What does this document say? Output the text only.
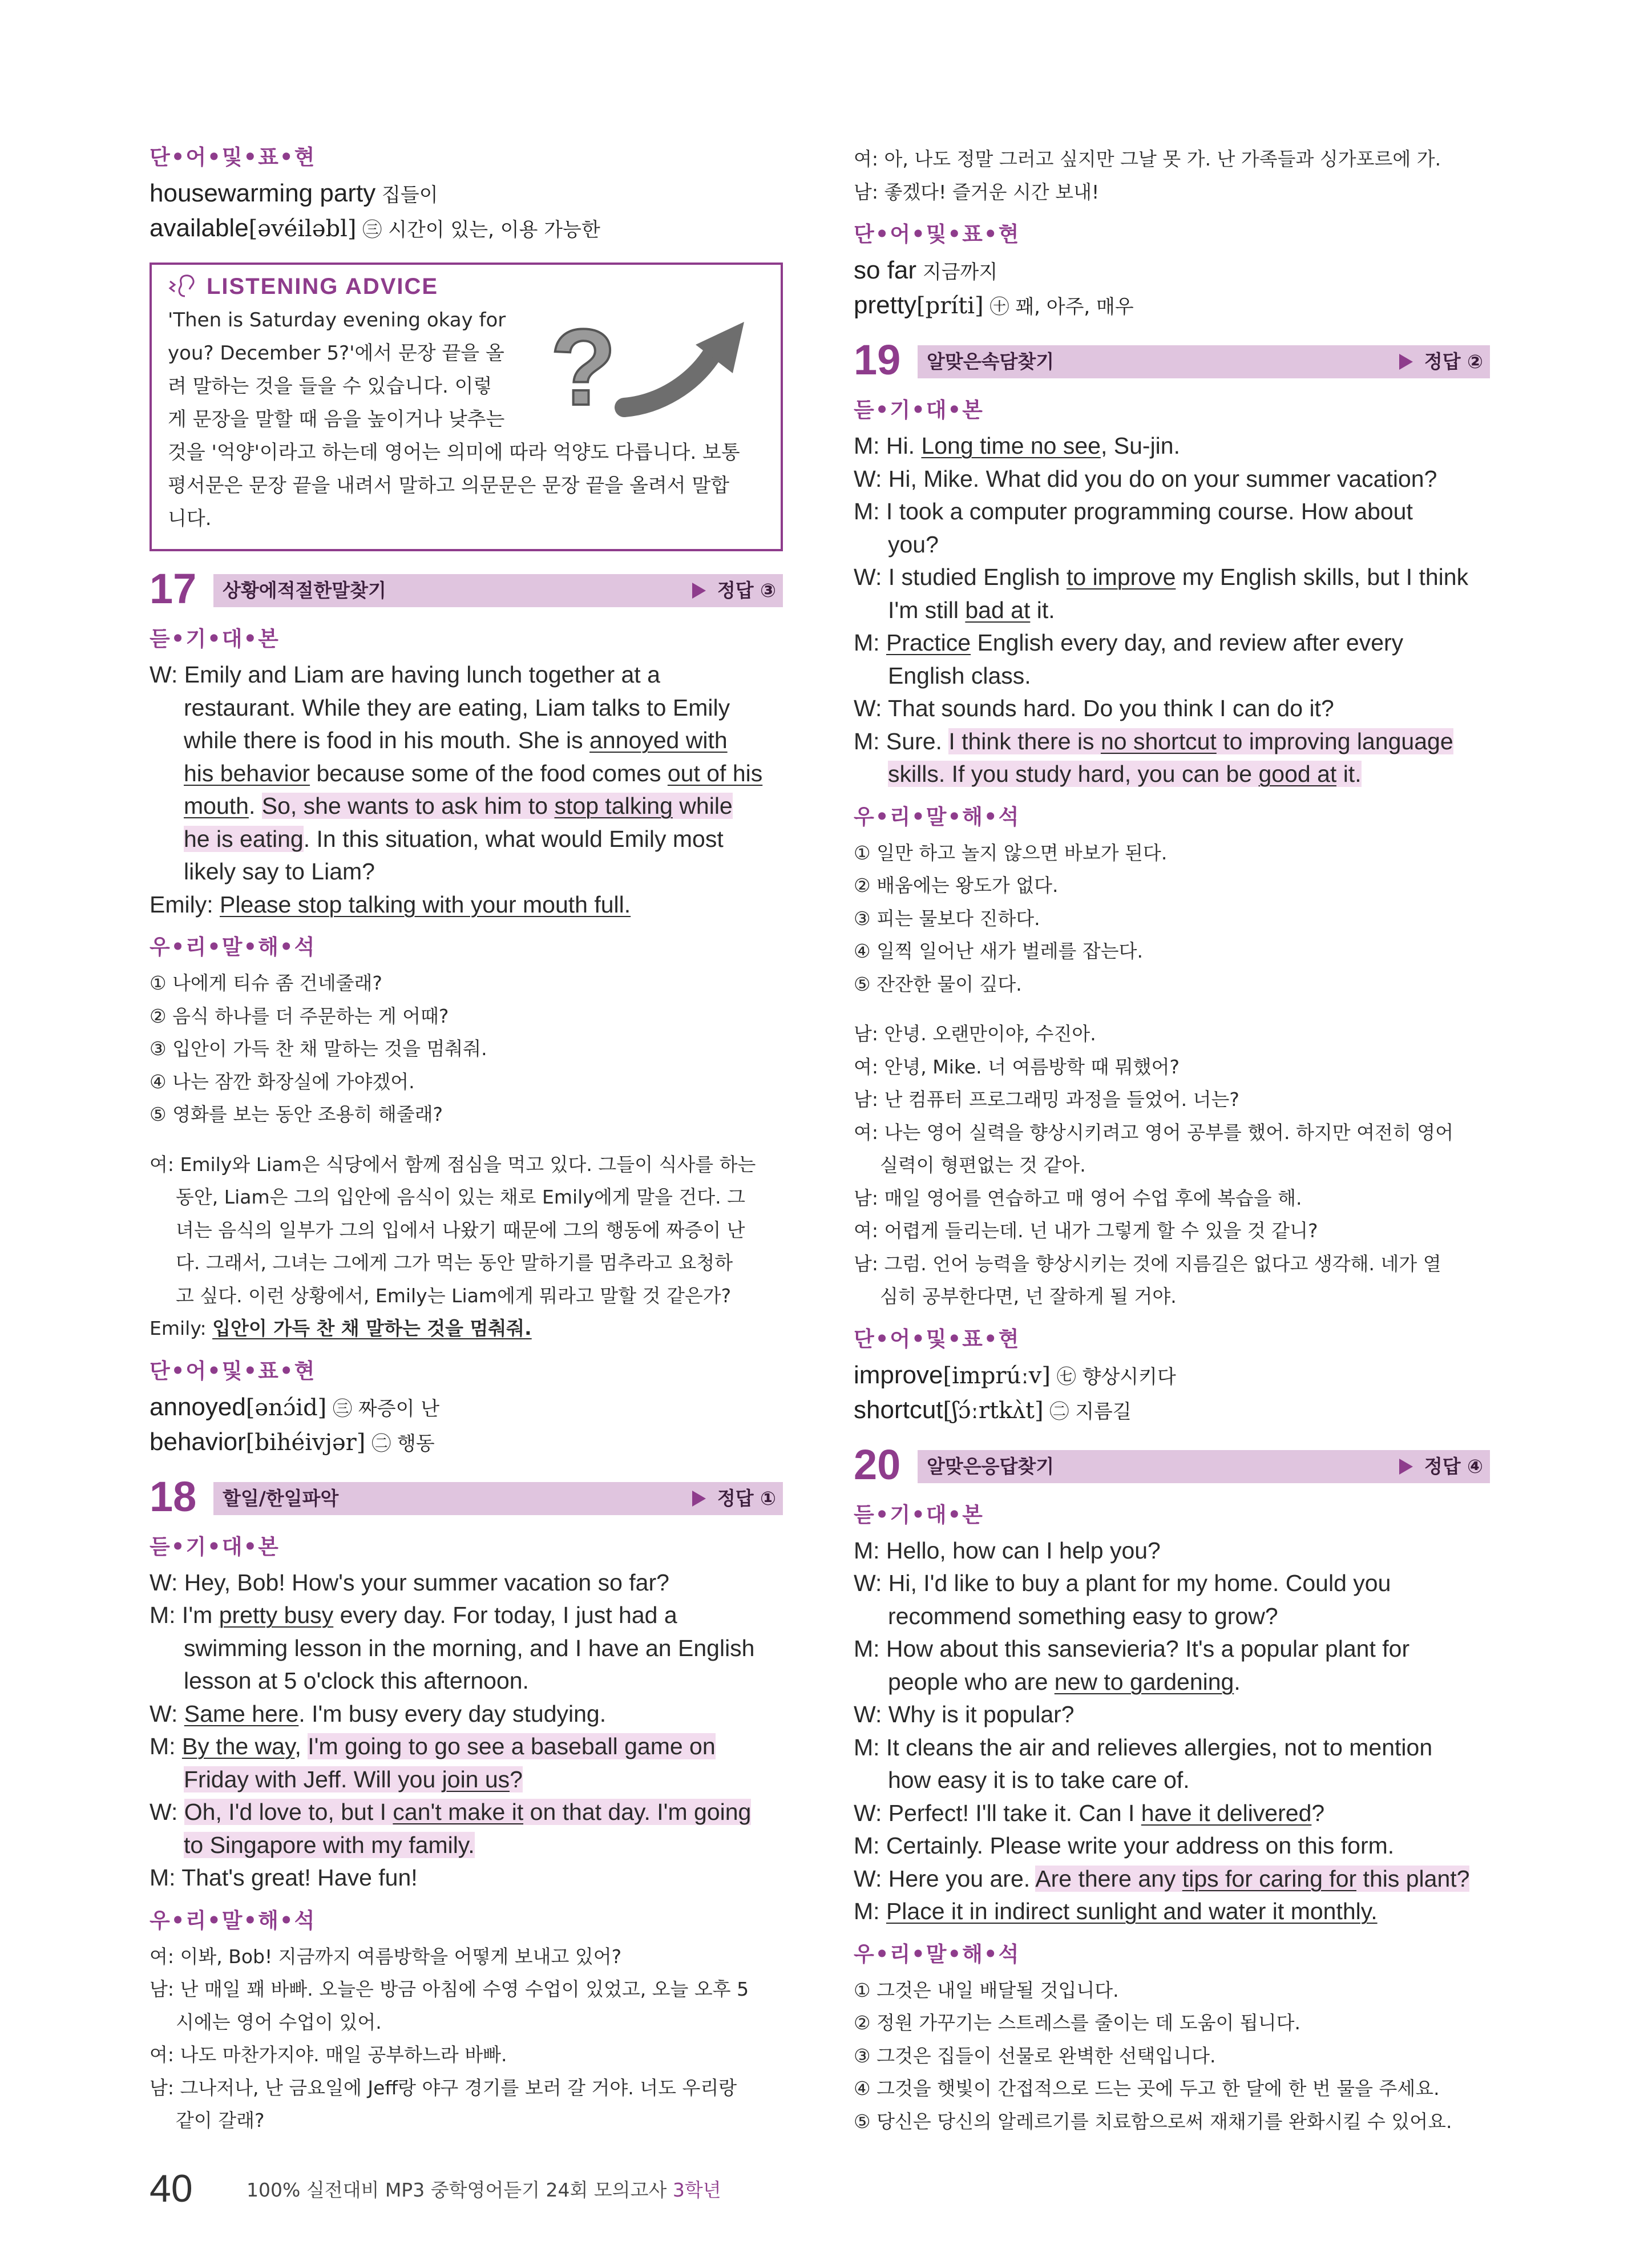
단•어•및•표•현
housewarming party 집들이
available[əvéiləbl] ㊂ 시간이 있는, 이용 가능한
LISTENING ADVICE
?
'Then is Saturday evening okay for
you? December 5?'에서 문장 끝을 올
려 말하는 것을 들을 수 있습니다. 이렇
게 문장을 말할 때 음을 높이거나 낮추는
것을 '억양'이라고 하는데 영어는 의미에 따라 억양도 다릅니다. 보통
평서문은 문장 끝을 내려서 말하고 의문문은 문장 끝을 올려서 말합
니다.
17 상황에적절한말찾기	정답 ③
듣•기•대•본
W: Emily and Liam are having lunch together at a
restaurant. While they are eating, Liam talks to Emily
while there is food in his mouth. She is annoyed with
his behavior because some of the food comes out of his
mouth. So, she wants to ask him to stop talking while
he is eating. In this situation, what would Emily most
likely say to Liam?
Emily: Please stop talking with your mouth full.
우•리•말•해•석
① 나에게 티슈 좀 건네줄래?
② 음식 하나를 더 주문하는 게 어때?
③ 입안이 가득 찬 채 말하는 것을 멈춰줘.
④ 나는 잠깐 화장실에 가야겠어.
⑤ 영화를 보는 동안 조용히 해줄래?
여: Emily와 Liam은 식당에서 함께 점심을 먹고 있다. 그들이 식사를 하는
동안, Liam은 그의 입안에 음식이 있는 채로 Emily에게 말을 건다. 그
녀는 음식의 일부가 그의 입에서 나왔기 때문에 그의 행동에 짜증이 난
다. 그래서, 그녀는 그에게 그가 먹는 동안 말하기를 멈추라고 요청하
고 싶다. 이런 상황에서, Emily는 Liam에게 뭐라고 말할 것 같은가?
Emily: 입안이 가득 찬 채 말하는 것을 멈춰줘.
단•어•및•표•현
annoyed[ənɔ́id] ㊂ 짜증이 난
behavior[bihéivjər] ㊁ 행동
18 할일/한일파악	정답 ①
듣•기•대•본
W: Hey, Bob! How's your summer vacation so far?
M: I'm pretty busy every day. For today, I just had a
swimming lesson in the morning, and I have an English
lesson at 5 o'clock this afternoon.
W: Same here. I'm busy every day studying.
M: By the way, I'm going to go see a baseball game on
Friday with Jeff. Will you join us?
W: Oh, I'd love to, but I can't make it on that day. I'm going
to Singapore with my family.
M: That's great! Have fun!
우•리•말•해•석
여: 이봐, Bob! 지금까지 여름방학을 어떻게 보내고 있어?
남: 난 매일 꽤 바빠. 오늘은 방금 아침에 수영 수업이 있었고, 오늘 오후 5
시에는 영어 수업이 있어.
여: 나도 마찬가지야. 매일 공부하느라 바빠.
남: 그나저나, 난 금요일에 Jeff랑 야구 경기를 보러 갈 거야. 너도 우리랑
같이 갈래?
여: 아, 나도 정말 그러고 싶지만 그날 못 가. 난 가족들과 싱가포르에 가.
남: 좋겠다! 즐거운 시간 보내!
단•어•및•표•현
so far 지금까지
pretty[príti] ㊉ 꽤, 아주, 매우
19 알맞은속담찾기	정답 ②
듣•기•대•본
M: Hi. Long time no see, Su-jin.
W: Hi, Mike. What did you do on your summer vacation?
M: I took a computer programming course. How about
you?
W: I studied English to improve my English skills, but I think
I'm still bad at it.
M: Practice English every day, and review after every
English class.
W: That sounds hard. Do you think I can do it?
M: Sure. I think there is no shortcut to improving language
skills. If you study hard, you can be good at it.
우•리•말•해•석
① 일만 하고 놀지 않으면 바보가 된다.
② 배움에는 왕도가 없다.
③ 피는 물보다 진하다.
④ 일찍 일어난 새가 벌레를 잡는다.
⑤ 잔잔한 물이 깊다.
남: 안녕. 오랜만이야, 수진아.
여: 안녕, Mike. 너 여름방학 때 뭐했어?
남: 난 컴퓨터 프로그래밍 과정을 들었어. 너는?
여: 나는 영어 실력을 향상시키려고 영어 공부를 했어. 하지만 여전히 영어
실력이 형편없는 것 같아.
남: 매일 영어를 연습하고 매 영어 수업 후에 복습을 해.
여: 어렵게 들리는데. 넌 내가 그렇게 할 수 있을 것 같니?
남: 그럼. 언어 능력을 향상시키는 것에 지름길은 없다고 생각해. 네가 열
심히 공부한다면, 넌 잘하게 될 거야.
단•어•및•표•현
improve[imprúːv] ㊆ 향상시키다
shortcut[ʃɔ́ːrtkʌ̀t] ㊁ 지름길
20 알맞은응답찾기	정답 ④
듣•기•대•본
M: Hello, how can I help you?
W: Hi, I'd like to buy a plant for my home. Could you
recommend something easy to grow?
M: How about this sansevieria? It's a popular plant for
people who are new to gardening.
W: Why is it popular?
M: It cleans the air and relieves allergies, not to mention
how easy it is to take care of.
W: Perfect! I'll take it. Can I have it delivered?
M: Certainly. Please write your address on this form.
W: Here you are. Are there any tips for caring for this plant?
M: Place it in indirect sunlight and water it monthly.
우•리•말•해•석
① 그것은 내일 배달될 것입니다.
② 정원 가꾸기는 스트레스를 줄이는 데 도움이 됩니다.
③ 그것은 집들이 선물로 완벽한 선택입니다.
④ 그것을 햇빛이 간접적으로 드는 곳에 두고 한 달에 한 번 물을 주세요.
⑤ 당신은 당신의 알레르기를 치료함으로써 재채기를 완화시킬 수 있어요.
40	100% 실전대비 MP3 중학영어듣기 24회 모의고사 3학년
